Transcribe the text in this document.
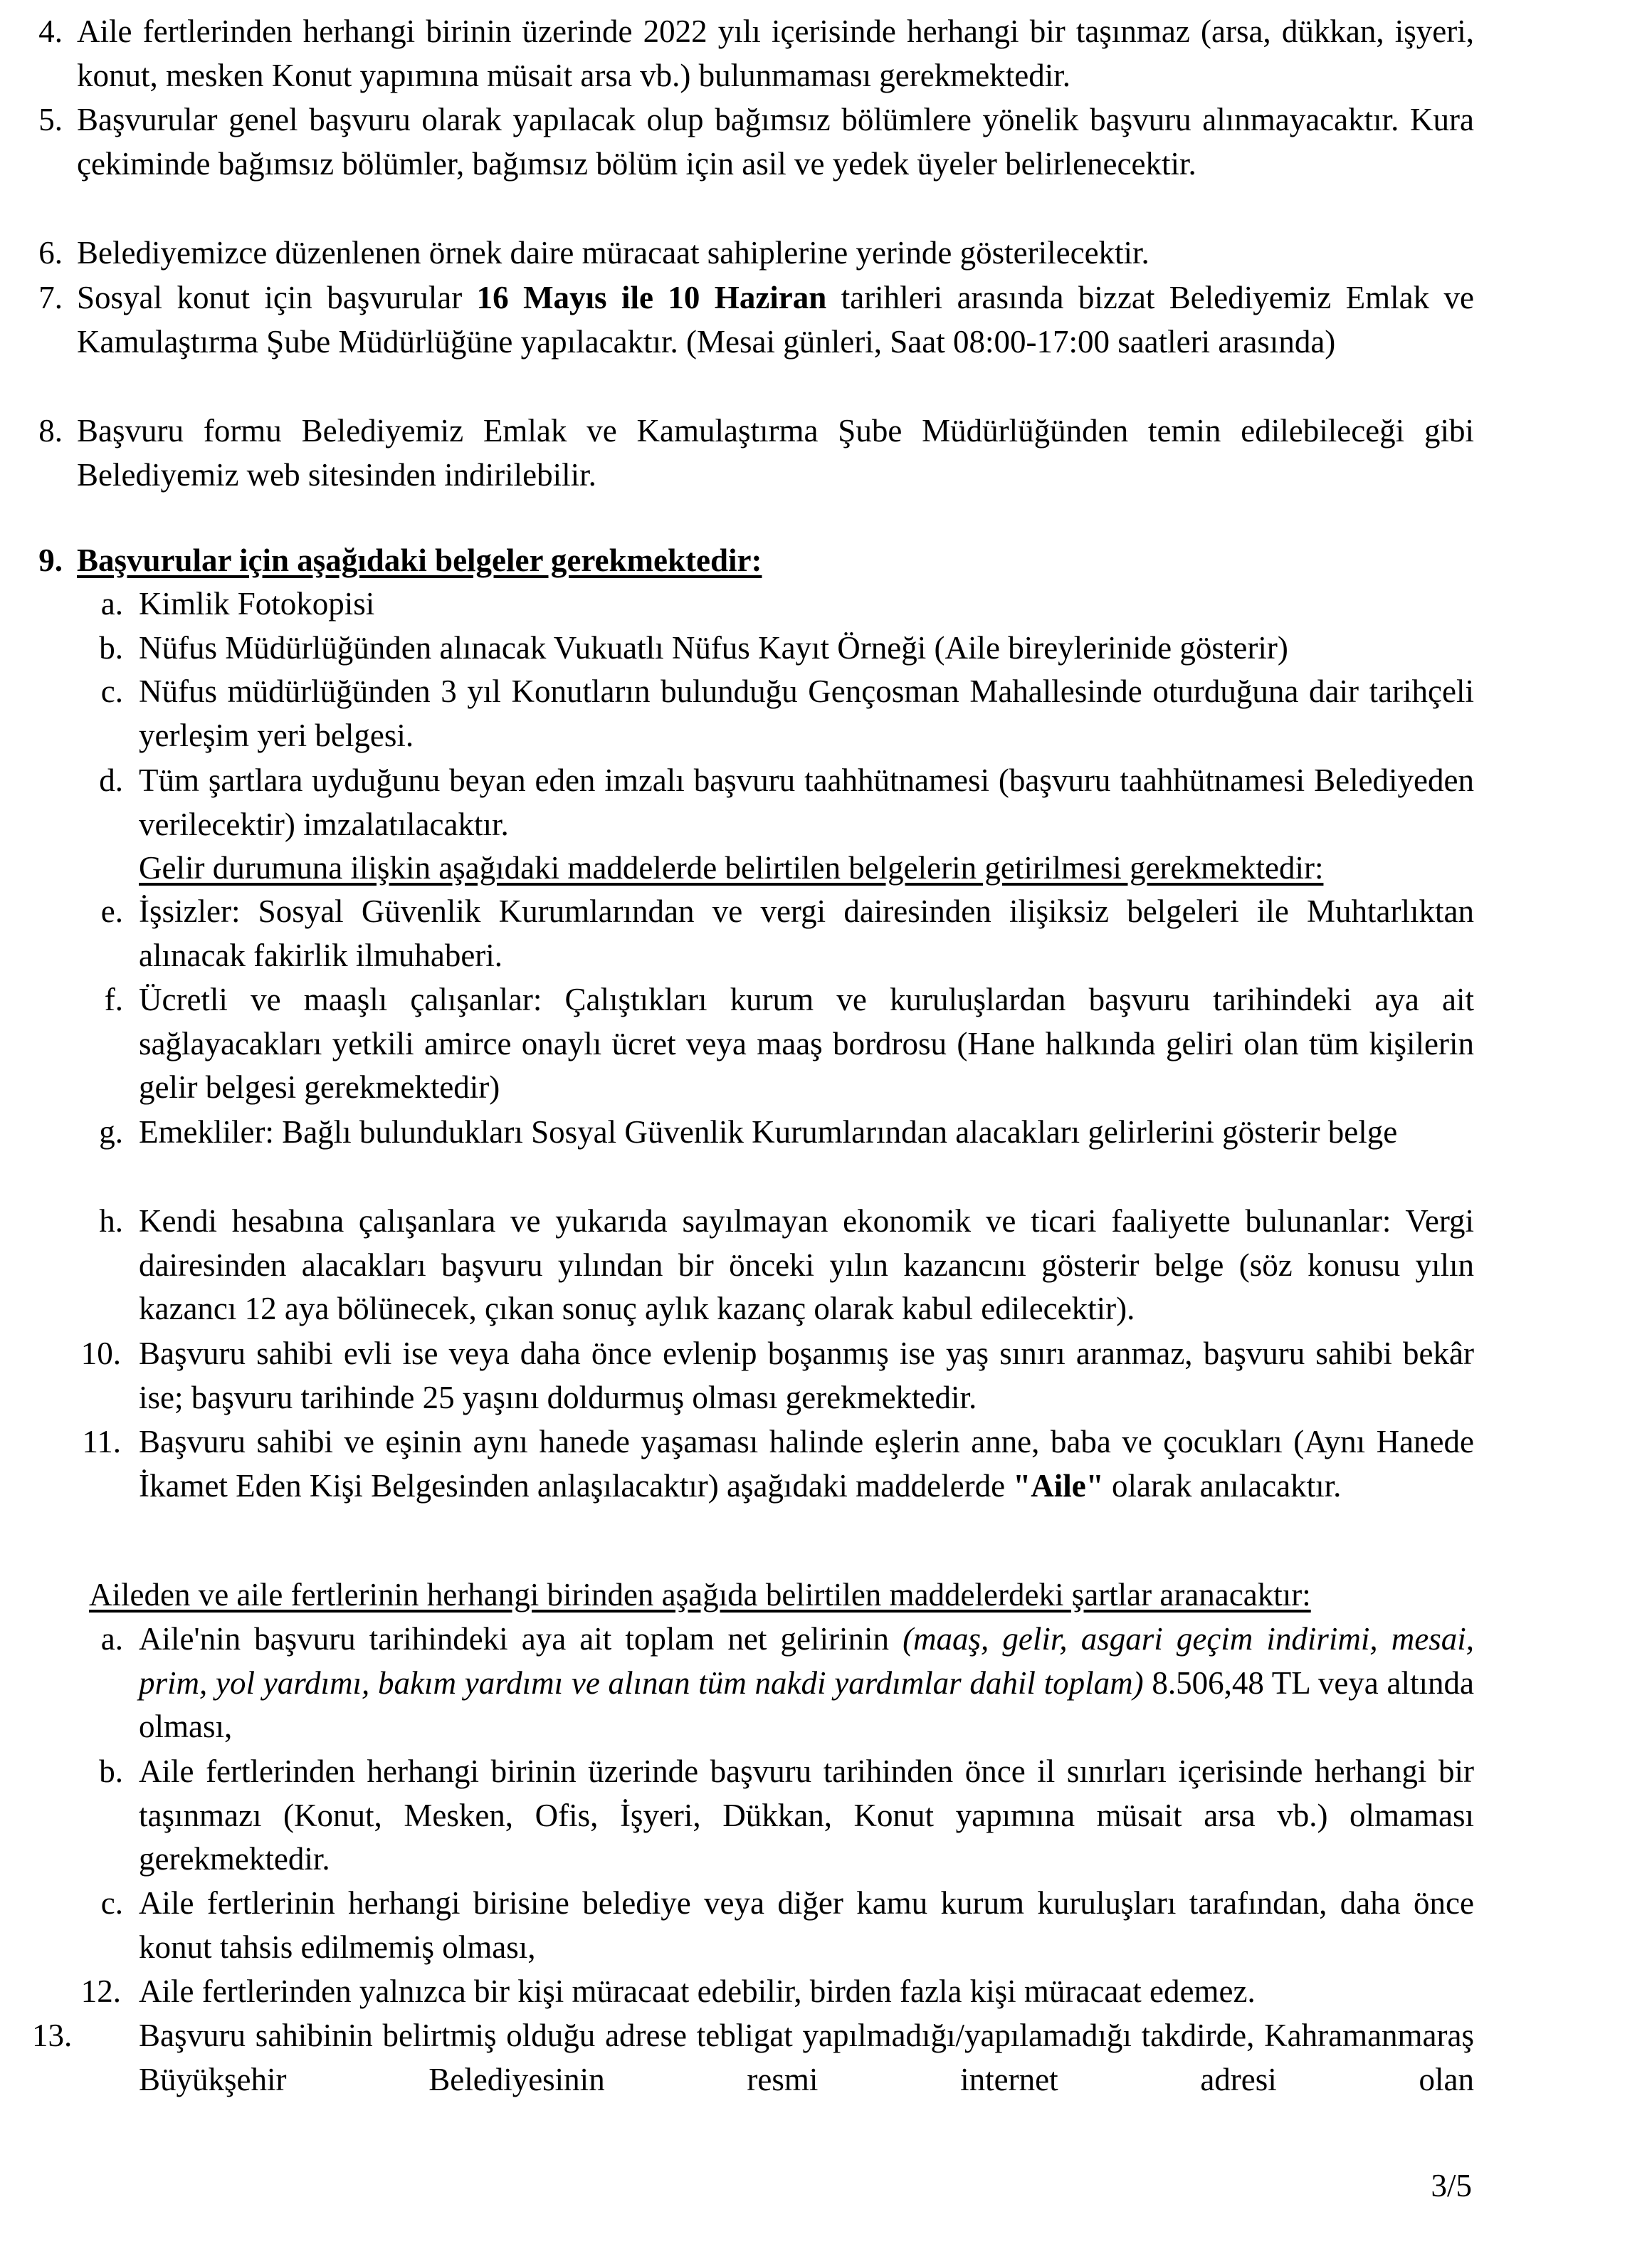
4. Aile fertlerinden herhangi birinin üzerinde 2022 yılı içerisinde herhangi bir taşınmaz (arsa, dükkan, işyeri, konut, mesken Konut yapımına müsait arsa vb.) bulunmaması gerekmektedir.
5. Başvurular genel başvuru olarak yapılacak olup bağımsız bölümlere yönelik başvuru alınmayacaktır. Kura çekiminde bağımsız bölümler, bağımsız bölüm için asil ve yedek üyeler belirlenecektir.
6. Belediyemizce düzenlenen örnek daire müracaat sahiplerine yerinde gösterilecektir.
7. Sosyal konut için başvurular 16 Mayıs ile 10 Haziran tarihleri arasında bizzat Belediyemiz Emlak ve Kamulaştırma Şube Müdürlüğüne yapılacaktır. (Mesai günleri, Saat 08:00-17:00 saatleri arasında)
8. Başvuru formu Belediyemiz Emlak ve Kamulaştırma Şube Müdürlüğünden temin edilebileceği gibi Belediyemiz web sitesinden indirilebilir.
9. Başvurular için aşağıdaki belgeler gerekmektedir:
a. Kimlik Fotokopisi
b. Nüfus Müdürlüğünden alınacak Vukuatlı Nüfus Kayıt Örneği (Aile bireylerinide gösterir)
c. Nüfus müdürlüğünden 3 yıl Konutların bulunduğu Gençosman Mahallesinde oturduğuna dair tarihçeli yerleşim yeri belgesi.
d. Tüm şartlara uyduğunu beyan eden imzalı başvuru taahhütnamesi (başvuru taahhütnamesi Belediyeden verilecektir) imzalatılacaktır.
Gelir durumuna ilişkin aşağıdaki maddelerde belirtilen belgelerin getirilmesi gerekmektedir:
e. İşsizler: Sosyal Güvenlik Kurumlarından ve vergi dairesinden ilişiksiz belgeleri ile Muhtarlıktan alınacak fakirlik ilmuhaberi.
f. Ücretli ve maaşlı çalışanlar: Çalıştıkları kurum ve kuruluşlardan başvuru tarihindeki aya ait sağlayacakları yetkili amirce onaylı ücret veya maaş bordrosu (Hane halkında geliri olan tüm kişilerin gelir belgesi gerekmektedir)
g. Emekliler: Bağlı bulundukları Sosyal Güvenlik Kurumlarından alacakları gelirlerini gösterir belge
h. Kendi hesabına çalışanlara ve yukarıda sayılmayan ekonomik ve ticari faaliyette bulunanlar: Vergi dairesinden alacakları başvuru yılından bir önceki yılın kazancını gösterir belge (söz konusu yılın kazancı 12 aya bölünecek, çıkan sonuç aylık kazanç olarak kabul edilecektir).
10. Başvuru sahibi evli ise veya daha önce evlenip boşanmış ise yaş sınırı aranmaz, başvuru sahibi bekâr ise; başvuru tarihinde 25 yaşını doldurmuş olması gerekmektedir.
11. Başvuru sahibi ve eşinin aynı hanede yaşaması halinde eşlerin anne, baba ve çocukları (Aynı Hanede İkamet Eden Kişi Belgesinden anlaşılacaktır) aşağıdaki maddelerde "Aile" olarak anılacaktır.
Aileden ve aile fertlerinin herhangi birinden aşağıda belirtilen maddelerdeki şartlar aranacaktır:
a. Aile'nin başvuru tarihindeki aya ait toplam net gelirinin (maaş, gelir, asgari geçim indirimi, mesai, prim, yol yardımı, bakım yardımı ve alınan tüm nakdi yardımlar dahil toplam) 8.506,48 TL veya altında olması,
b. Aile fertlerinden herhangi birinin üzerinde başvuru tarihinden önce il sınırları içerisinde herhangi bir taşınmazı (Konut, Mesken, Ofis, İşyeri, Dükkan, Konut yapımına müsait arsa vb.) olmaması gerekmektedir.
c. Aile fertlerinin herhangi birisine belediye veya diğer kamu kurum kuruluşları tarafından, daha önce konut tahsis edilmemiş olması,
12. Aile fertlerinden yalnızca bir kişi müracaat edebilir, birden fazla kişi müracaat edemez.
13.	Başvuru sahibinin belirtmiş olduğu adrese tebligat yapılmadığı/yapılamadığı takdirde, Kahramanmaraş Büyükşehir Belediyesinin resmi internet adresi olan
3/5
